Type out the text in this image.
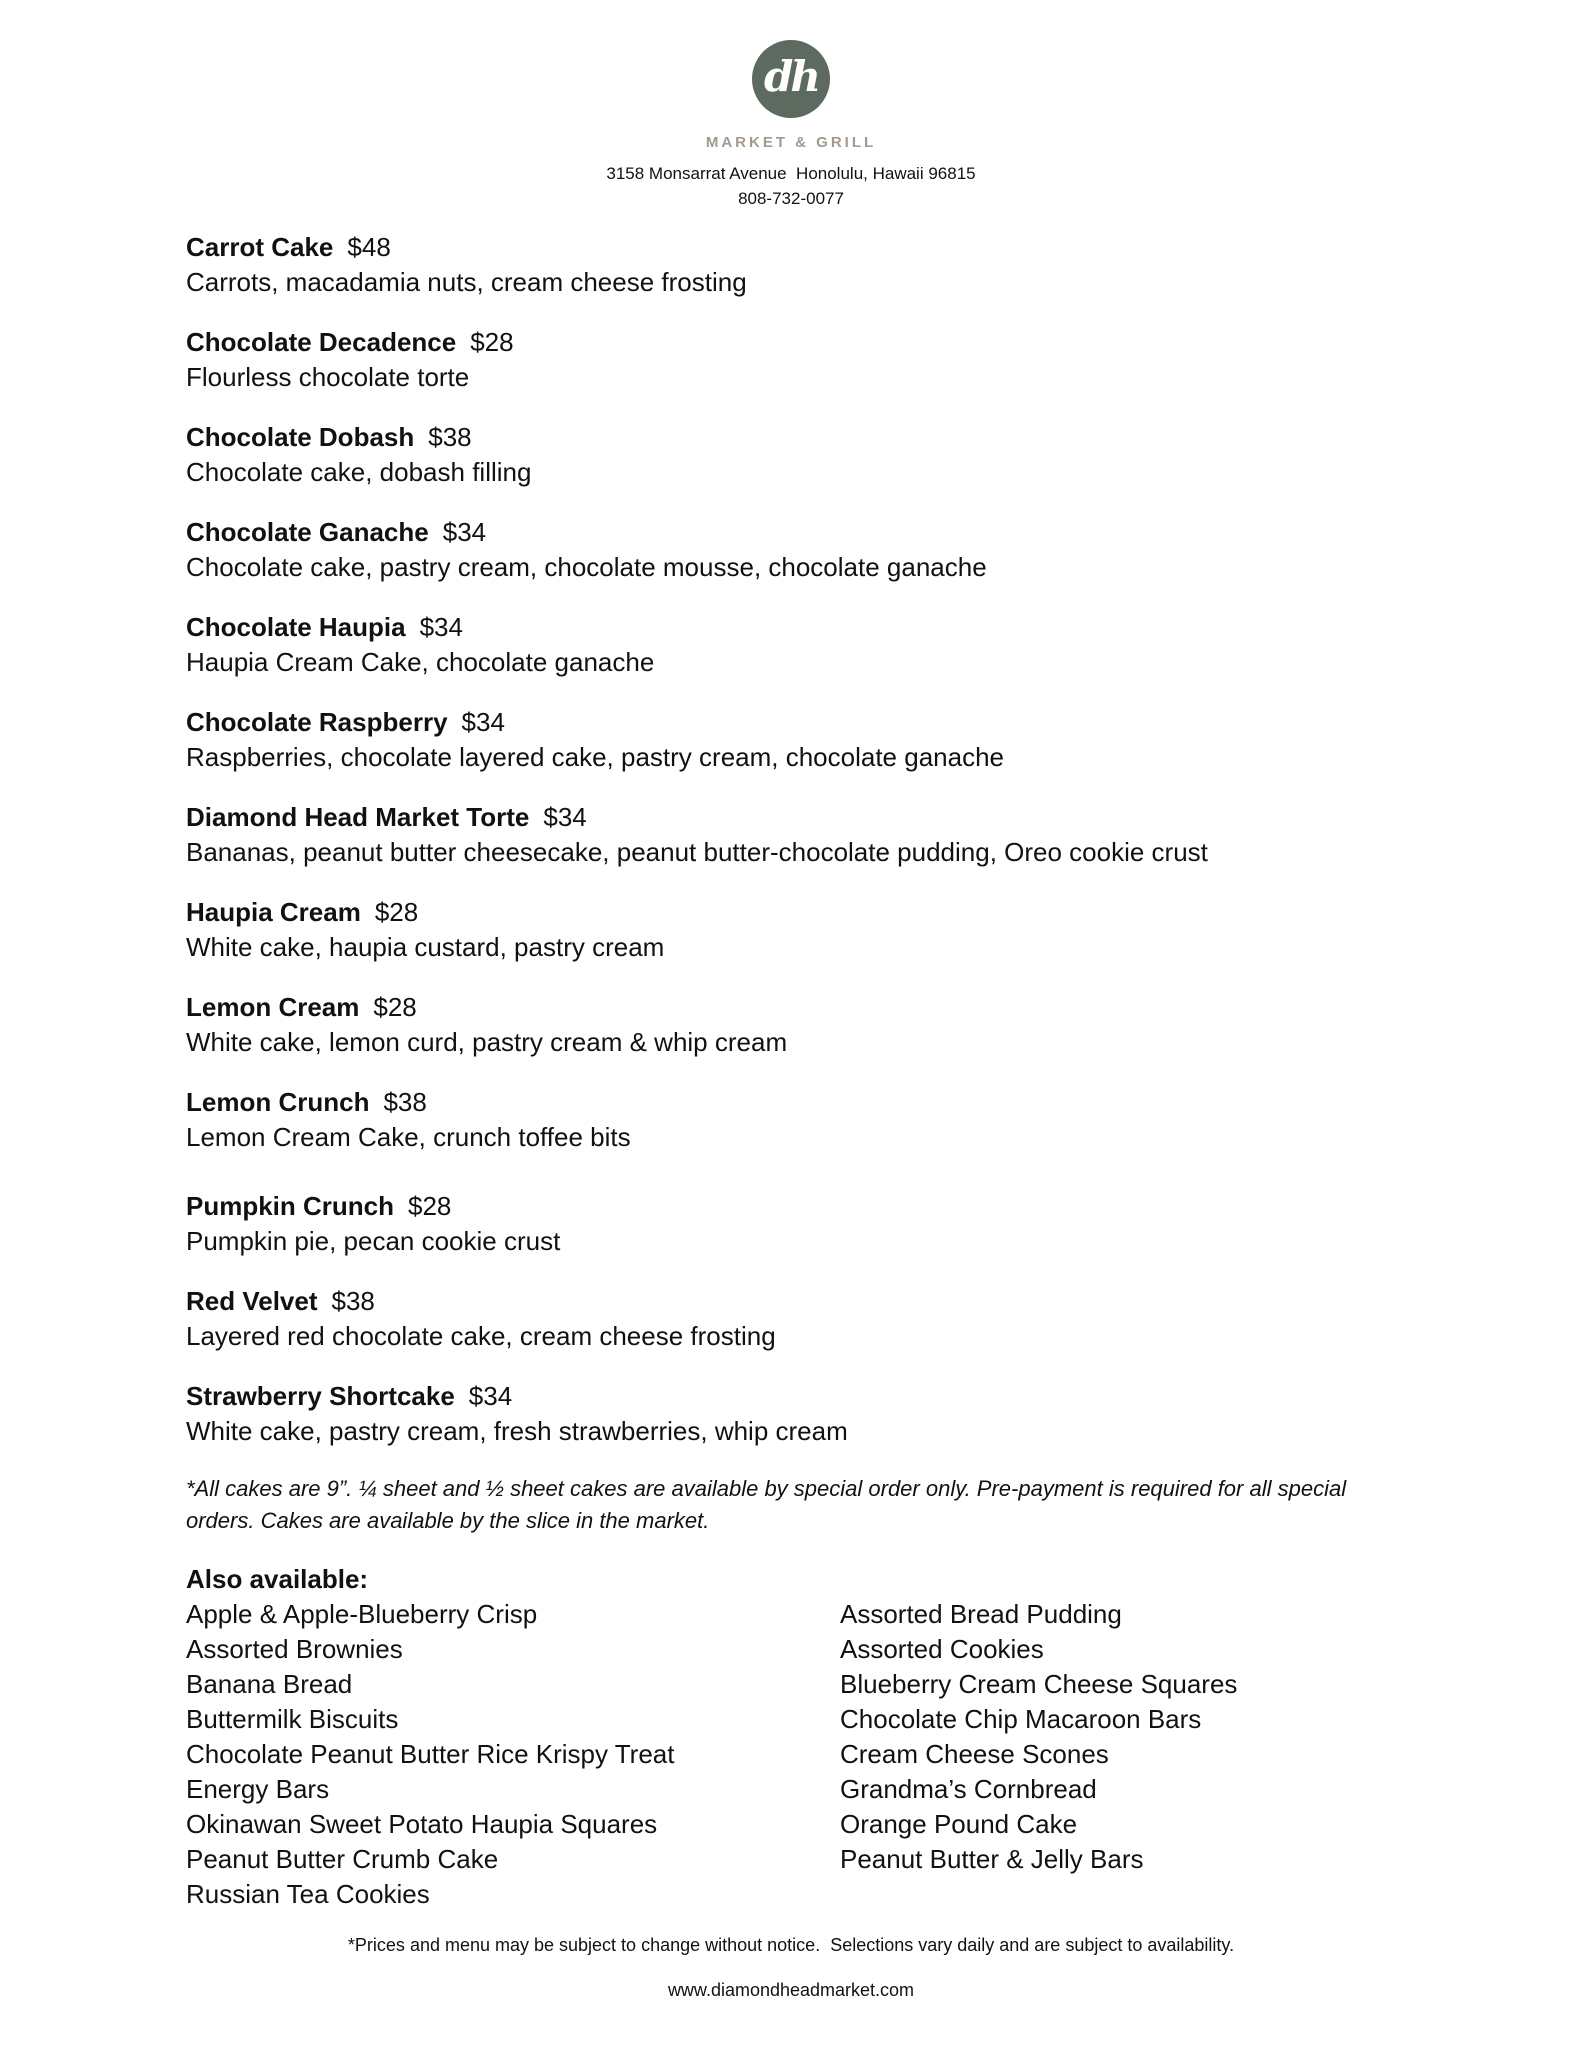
dh
MARKET & GRILL
3158 Monsarrat Avenue  Honolulu, Hawaii 96815
808-732-0077
Carrot Cake $48
Carrots, macadamia nuts, cream cheese frosting
Chocolate Decadence $28
Flourless chocolate torte
Chocolate Dobash $38
Chocolate cake, dobash filling
Chocolate Ganache $34
Chocolate cake, pastry cream, chocolate mousse, chocolate ganache
Chocolate Haupia $34
Haupia Cream Cake, chocolate ganache
Chocolate Raspberry $34
Raspberries, chocolate layered cake, pastry cream, chocolate ganache
Diamond Head Market Torte $34
Bananas, peanut butter cheesecake, peanut butter-chocolate pudding, Oreo cookie crust
Haupia Cream $28
White cake, haupia custard, pastry cream
Lemon Cream $28
White cake, lemon curd, pastry cream & whip cream
Lemon Crunch $38
Lemon Cream Cake, crunch toffee bits
Pumpkin Crunch $28
Pumpkin pie, pecan cookie crust
Red Velvet $38
Layered red chocolate cake, cream cheese frosting
Strawberry Shortcake $34
White cake, pastry cream, fresh strawberries, whip cream
*All cakes are 9”. ¼ sheet and ½ sheet cakes are available by special order only. Pre-payment is required for all special orders. Cakes are available by the slice in the market.
Also available:
Apple & Apple-Blueberry Crisp
Assorted Brownies
Banana Bread
Buttermilk Biscuits
Chocolate Peanut Butter Rice Krispy Treat
Energy Bars
Okinawan Sweet Potato Haupia Squares
Peanut Butter Crumb Cake
Russian Tea Cookies
Assorted Bread Pudding
Assorted Cookies
Blueberry Cream Cheese Squares
Chocolate Chip Macaroon Bars
Cream Cheese Scones
Grandma’s Cornbread
Orange Pound Cake
Peanut Butter & Jelly Bars
*Prices and menu may be subject to change without notice.  Selections vary daily and are subject to availability.
www.diamondheadmarket.com
